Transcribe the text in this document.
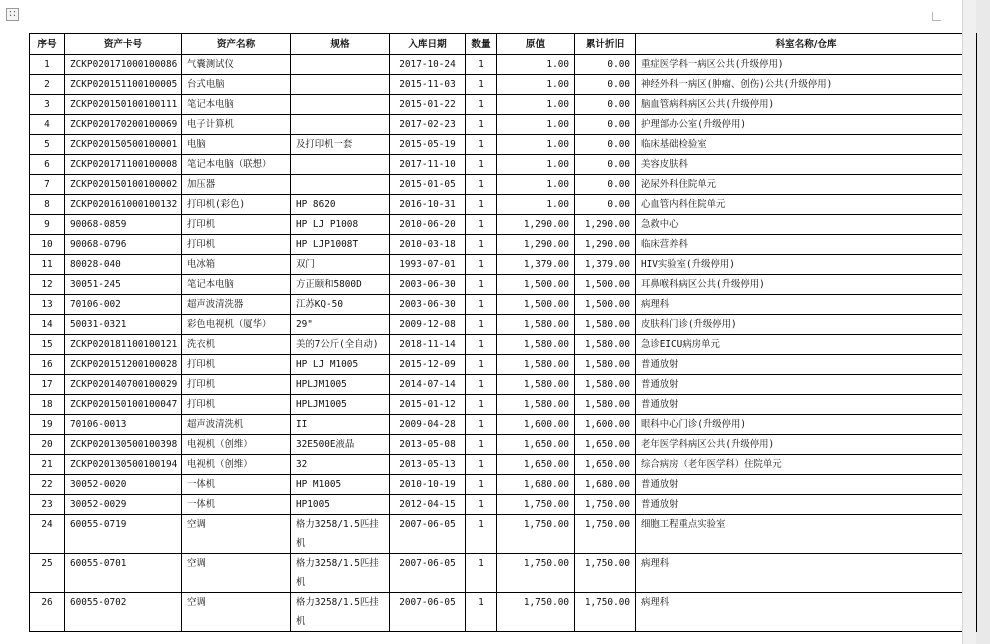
∷
序号	资产卡号	资产名称	规格	入库日期	数量	原值	累计折旧	科室名称/仓库
1	ZCKP020171000100086	气囊测试仪		2017-10-24	1	1.00	0.00	重症医学科一病区公共(升级停用)
2	ZCKP020151100100005	台式电脑		2015-11-03	1	1.00	0.00	神经外科一病区(肿瘤、创伤)公共(升级停用)
3	ZCKP020150100100111	笔记本电脑		2015-01-22	1	1.00	0.00	脑血管病科病区公共(升级停用)
4	ZCKP020170200100069	电子计算机		2017-02-23	1	1.00	0.00	护理部办公室(升级停用)
5	ZCKP020150500100001	电脑	及打印机一套	2015-05-19	1	1.00	0.00	临床基础检验室
6	ZCKP020171100100008	笔记本电脑（联想）		2017-11-10	1	1.00	0.00	美容皮肤科
7	ZCKP020150100100002	加压器		2015-01-05	1	1.00	0.00	泌尿外科住院单元
8	ZCKP020161000100132	打印机(彩色)	HP 8620	2016-10-31	1	1.00	0.00	心血管内科住院单元
9	90068-0859	打印机	HP LJ P1008	2010-06-20	1	1,290.00	1,290.00	急救中心
10	90068-0796	打印机	HP LJP1008T	2010-03-18	1	1,290.00	1,290.00	临床营养科
11	80028-040	电冰箱	双门	1993-07-01	1	1,379.00	1,379.00	HIV实验室(升级停用)
12	30051-245	笔记本电脑	方正颐和5800D	2003-06-30	1	1,500.00	1,500.00	耳鼻喉科病区公共(升级停用)
13	70106-002	超声波清洗器	江苏KQ-50	2003-06-30	1	1,500.00	1,500.00	病理科
14	50031-0321	彩色电视机（厦华）	29"	2009-12-08	1	1,580.00	1,580.00	皮肤科门诊(升级停用)
15	ZCKP020181100100121	洗衣机	美的7公斤(全自动)	2018-11-14	1	1,580.00	1,580.00	急诊EICU病房单元
16	ZCKP020151200100028	打印机	HP LJ M1005	2015-12-09	1	1,580.00	1,580.00	普通放射
17	ZCKP020140700100029	打印机	HPLJM1005	2014-07-14	1	1,580.00	1,580.00	普通放射
18	ZCKP020150100100047	打印机	HPLJM1005	2015-01-12	1	1,580.00	1,580.00	普通放射
19	70106-0013	超声波清洗机	II	2009-04-28	1	1,600.00	1,600.00	眼科中心门诊(升级停用)
20	ZCKP020130500100398	电视机（创维）	32E500E液晶	2013-05-08	1	1,650.00	1,650.00	老年医学科病区公共(升级停用)
21	ZCKP020130500100194	电视机（创维）	32	2013-05-13	1	1,650.00	1,650.00	综合病房（老年医学科）住院单元
22	30052-0020	一体机	HP M1005	2010-10-19	1	1,680.00	1,680.00	普通放射
23	30052-0029	一体机	HP1005	2012-04-15	1	1,750.00	1,750.00	普通放射
24	60055-0719	空调	格力3258/1.5匹挂机	2007-06-05	1	1,750.00	1,750.00	细胞工程重点实验室
25	60055-0701	空调	格力3258/1.5匹挂机	2007-06-05	1	1,750.00	1,750.00	病理科
26	60055-0702	空调	格力3258/1.5匹挂机	2007-06-05	1	1,750.00	1,750.00	病理科
